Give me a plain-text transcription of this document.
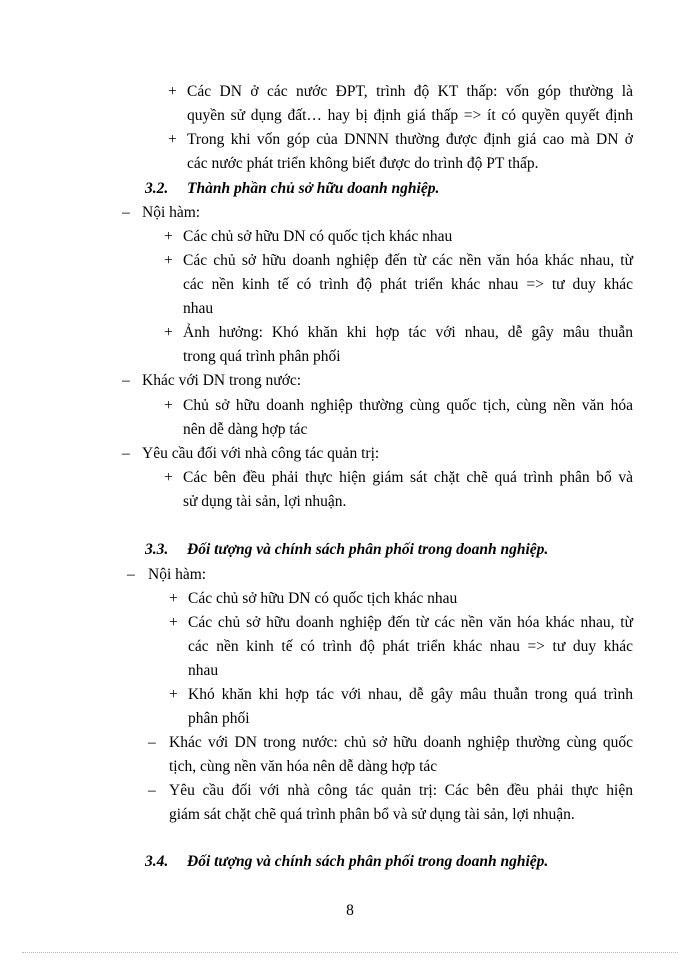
+ Các DN ở các nước ĐPT, trình độ KT thấp: vốn góp thường là
quyền sử dụng đất… hay bị định giá thấp => ít có quyền quyết định
+ Trong khi vốn góp của DNNN thường được định giá cao mà DN ở
các nước phát triển không biết được do trình độ PT thấp.
3.2. Thành phần chủ sở hữu doanh nghiệp.
– Nội hàm:
+ Các chủ sở hữu DN có quốc tịch khác nhau
+ Các chủ sở hữu doanh nghiệp đến từ các nền văn hóa khác nhau, từ
các nền kinh tế có trình độ phát triển khác nhau => tư duy khác
nhau
+ Ảnh hưởng: Khó khăn khi hợp tác với nhau, dễ gây mâu thuẫn
trong quá trình phân phối
– Khác với DN trong nước:
+ Chủ sở hữu doanh nghiệp thường cùng quốc tịch, cùng nền văn hóa
nên dễ dàng hợp tác
– Yêu cầu đối với nhà công tác quản trị:
+ Các bên đều phải thực hiện giám sát chặt chẽ quá trình phân bổ và
sử dụng tài sản, lợi nhuận.
3.3. Đối tượng và chính sách phân phối trong doanh nghiệp.
– Nội hàm:
+ Các chủ sở hữu DN có quốc tịch khác nhau
+ Các chủ sở hữu doanh nghiệp đến từ các nền văn hóa khác nhau, từ
các nền kinh tế có trình độ phát triển khác nhau => tư duy khác
nhau
+ Khó khăn khi hợp tác với nhau, dễ gây mâu thuẫn trong quá trình
phân phối
– Khác với DN trong nước: chủ sở hữu doanh nghiệp thường cùng quốc
tịch, cùng nền văn hóa nên dễ dàng hợp tác
– Yêu cầu đối với nhà công tác quản trị: Các bên đều phải thực hiện
giám sát chặt chẽ quá trình phân bổ và sử dụng tài sản, lợi nhuận.
3.4. Đối tượng và chính sách phân phối trong doanh nghiệp.
8
